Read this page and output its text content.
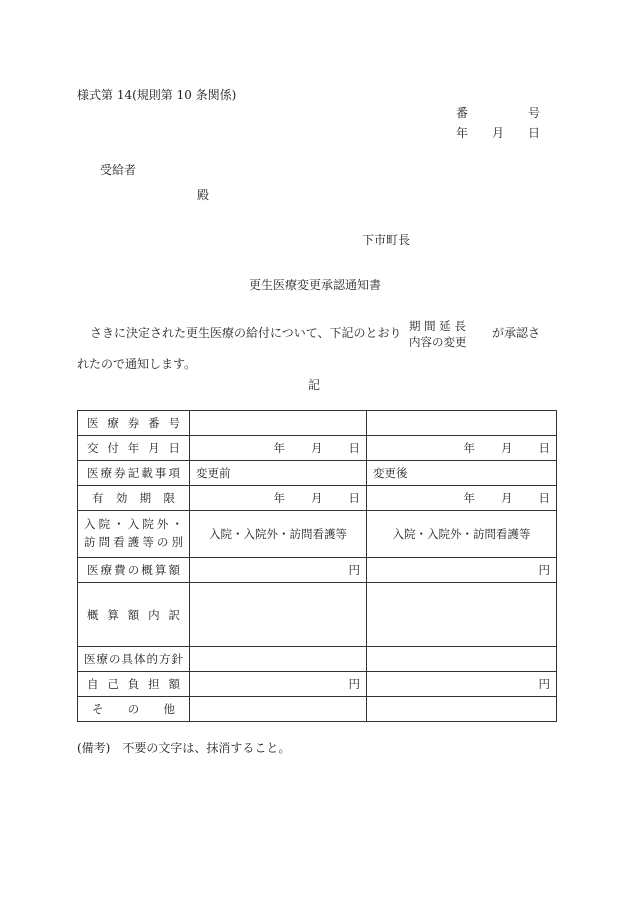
様式第 14(規則第 10 条関係)
番	号
年 月 日
受給者
殿
下市町長
更生医療変更承認通知書
さきに決定された更生医療の給付について、下記のとおり 期 間 延 長
内容の変更
が承認さ
れたので通知します。
記
医 療 券 番 号		
交 付 年 月 日	年 月 日	年 月 日
医療券記載事項	変更前	変更後
有 効 期 限	年 月 日	年 月 日

入院・入院外・
訪問看護等の別	入院・入院外・訪問看護等	入院・入院外・訪問看護等
医療費の概算額	円	円
概 算 額 内 訳		
医療の具体的方針		
自 己 負 担 額	円	円
そ の 他		
(備考)　不要の文字は、抹消すること。
